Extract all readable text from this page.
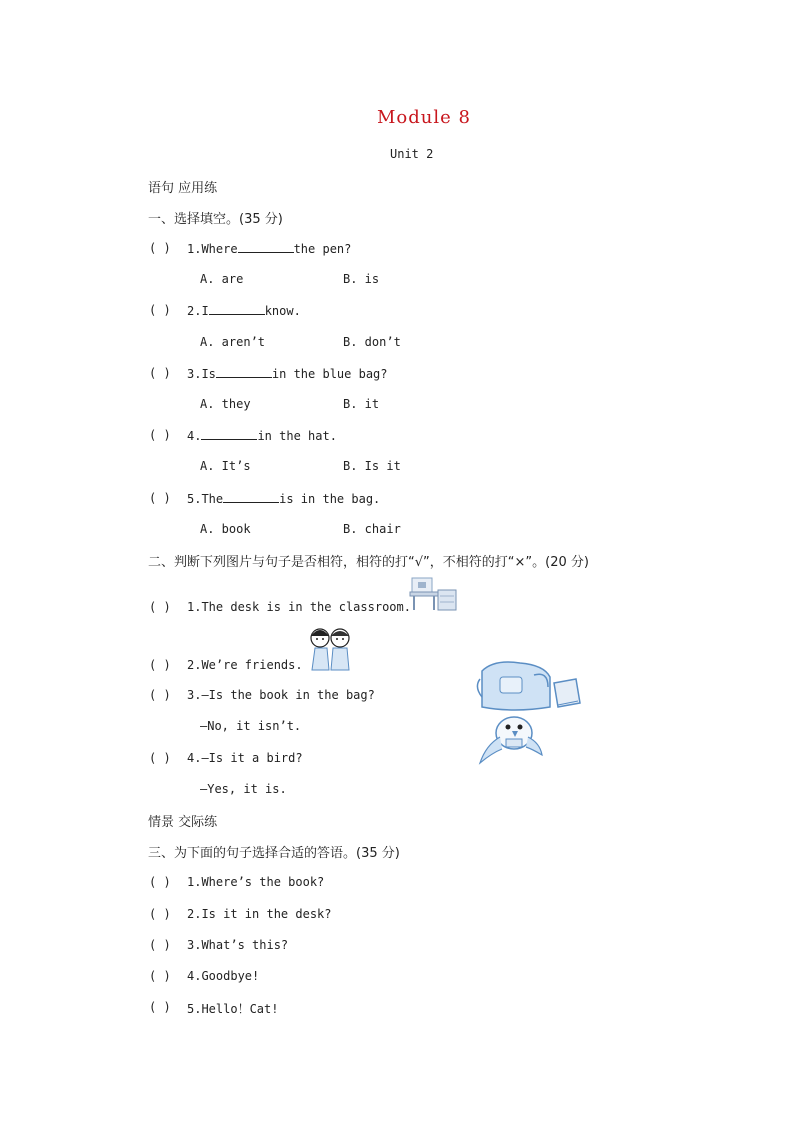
Module 8
Unit 2
语句 应用练
一、选择填空。(35 分)
( ) 1.Where	the pen?
A. are	B. is
( ) 2.I	know.
A. aren’t	B. don’t
( ) 3.Is	in the blue bag?
A. they	B. it
( ) 4.	in the hat.
A. It’s	B. Is it
( ) 5.The	is in the bag.
A. book	B. chair
二、判断下列图片与句子是否相符，相符的打“√”，不相符的打“×”。(20 分)
( ) 1.The desk is in the classroom.
( ) 2.We’re friends.
( ) 3.—Is the book in the bag?
—No, it isn’t.
( ) 4.—Is it a bird?
—Yes, it is.
情景 交际练
三、为下面的句子选择合适的答语。(35 分)
( ) 1.Where’s the book?
( ) 2.Is it in the desk?
( ) 3.What’s this?
( ) 4.Goodbye!
( ) 5.Hello！Cat!
